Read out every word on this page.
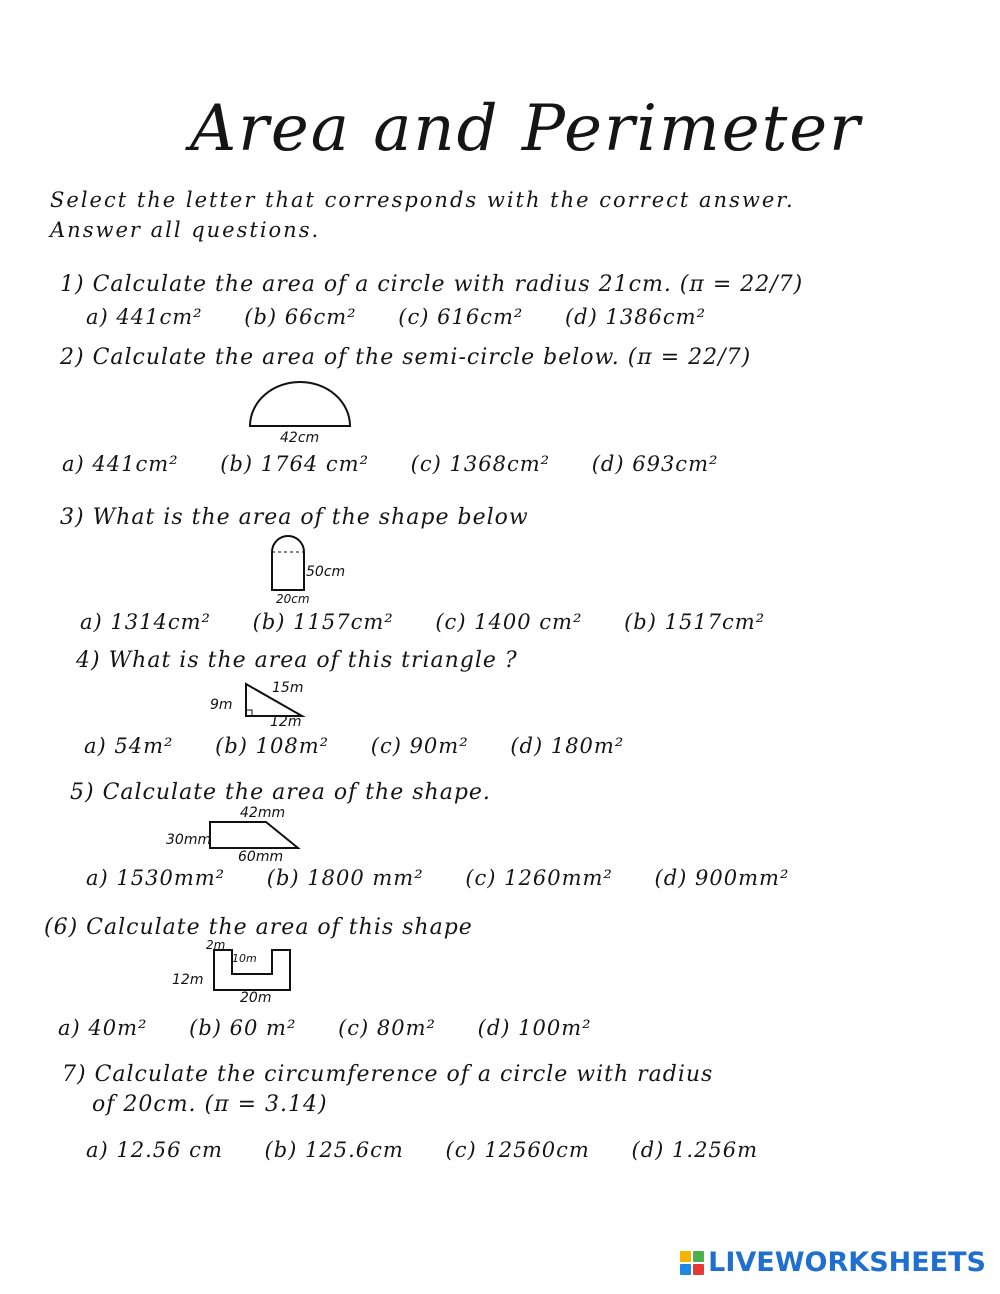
Area and Perimeter
Select the letter that corresponds with the correct answer.
Answer all questions.
1) Calculate the area of a circle with radius 21cm. (π = 22/7)
a) 441cm² (b) 66cm² (c) 616cm² (d) 1386cm²
2) Calculate the area of the semi-circle below. (π = 22/7)
42cm
a) 441cm² (b) 1764 cm² (c) 1368cm² (d) 693cm²
3) What is the area of the shape below
50cm
20cm
a) 1314cm² (b) 1157cm² (c) 1400 cm² (b) 1517cm²
4) What is the area of this triangle ?
9m
15m
12m
a) 54m² (b) 108m² (c) 90m² (d) 180m²
5) Calculate the area of the shape.
42mm
30mm
60mm
a) 1530mm² (b) 1800 mm² (c) 1260mm² (d) 900mm²
(6) Calculate the area of this shape
2m
10m
12m
20m
a) 40m² (b) 60 m² (c) 80m² (d) 100m²
7) Calculate the circumference of a circle with radius
of 20cm. (π = 3.14)
a) 12.56 cm (b) 125.6cm (c) 12560cm (d) 1.256m
LIVEWORKSHEETS
